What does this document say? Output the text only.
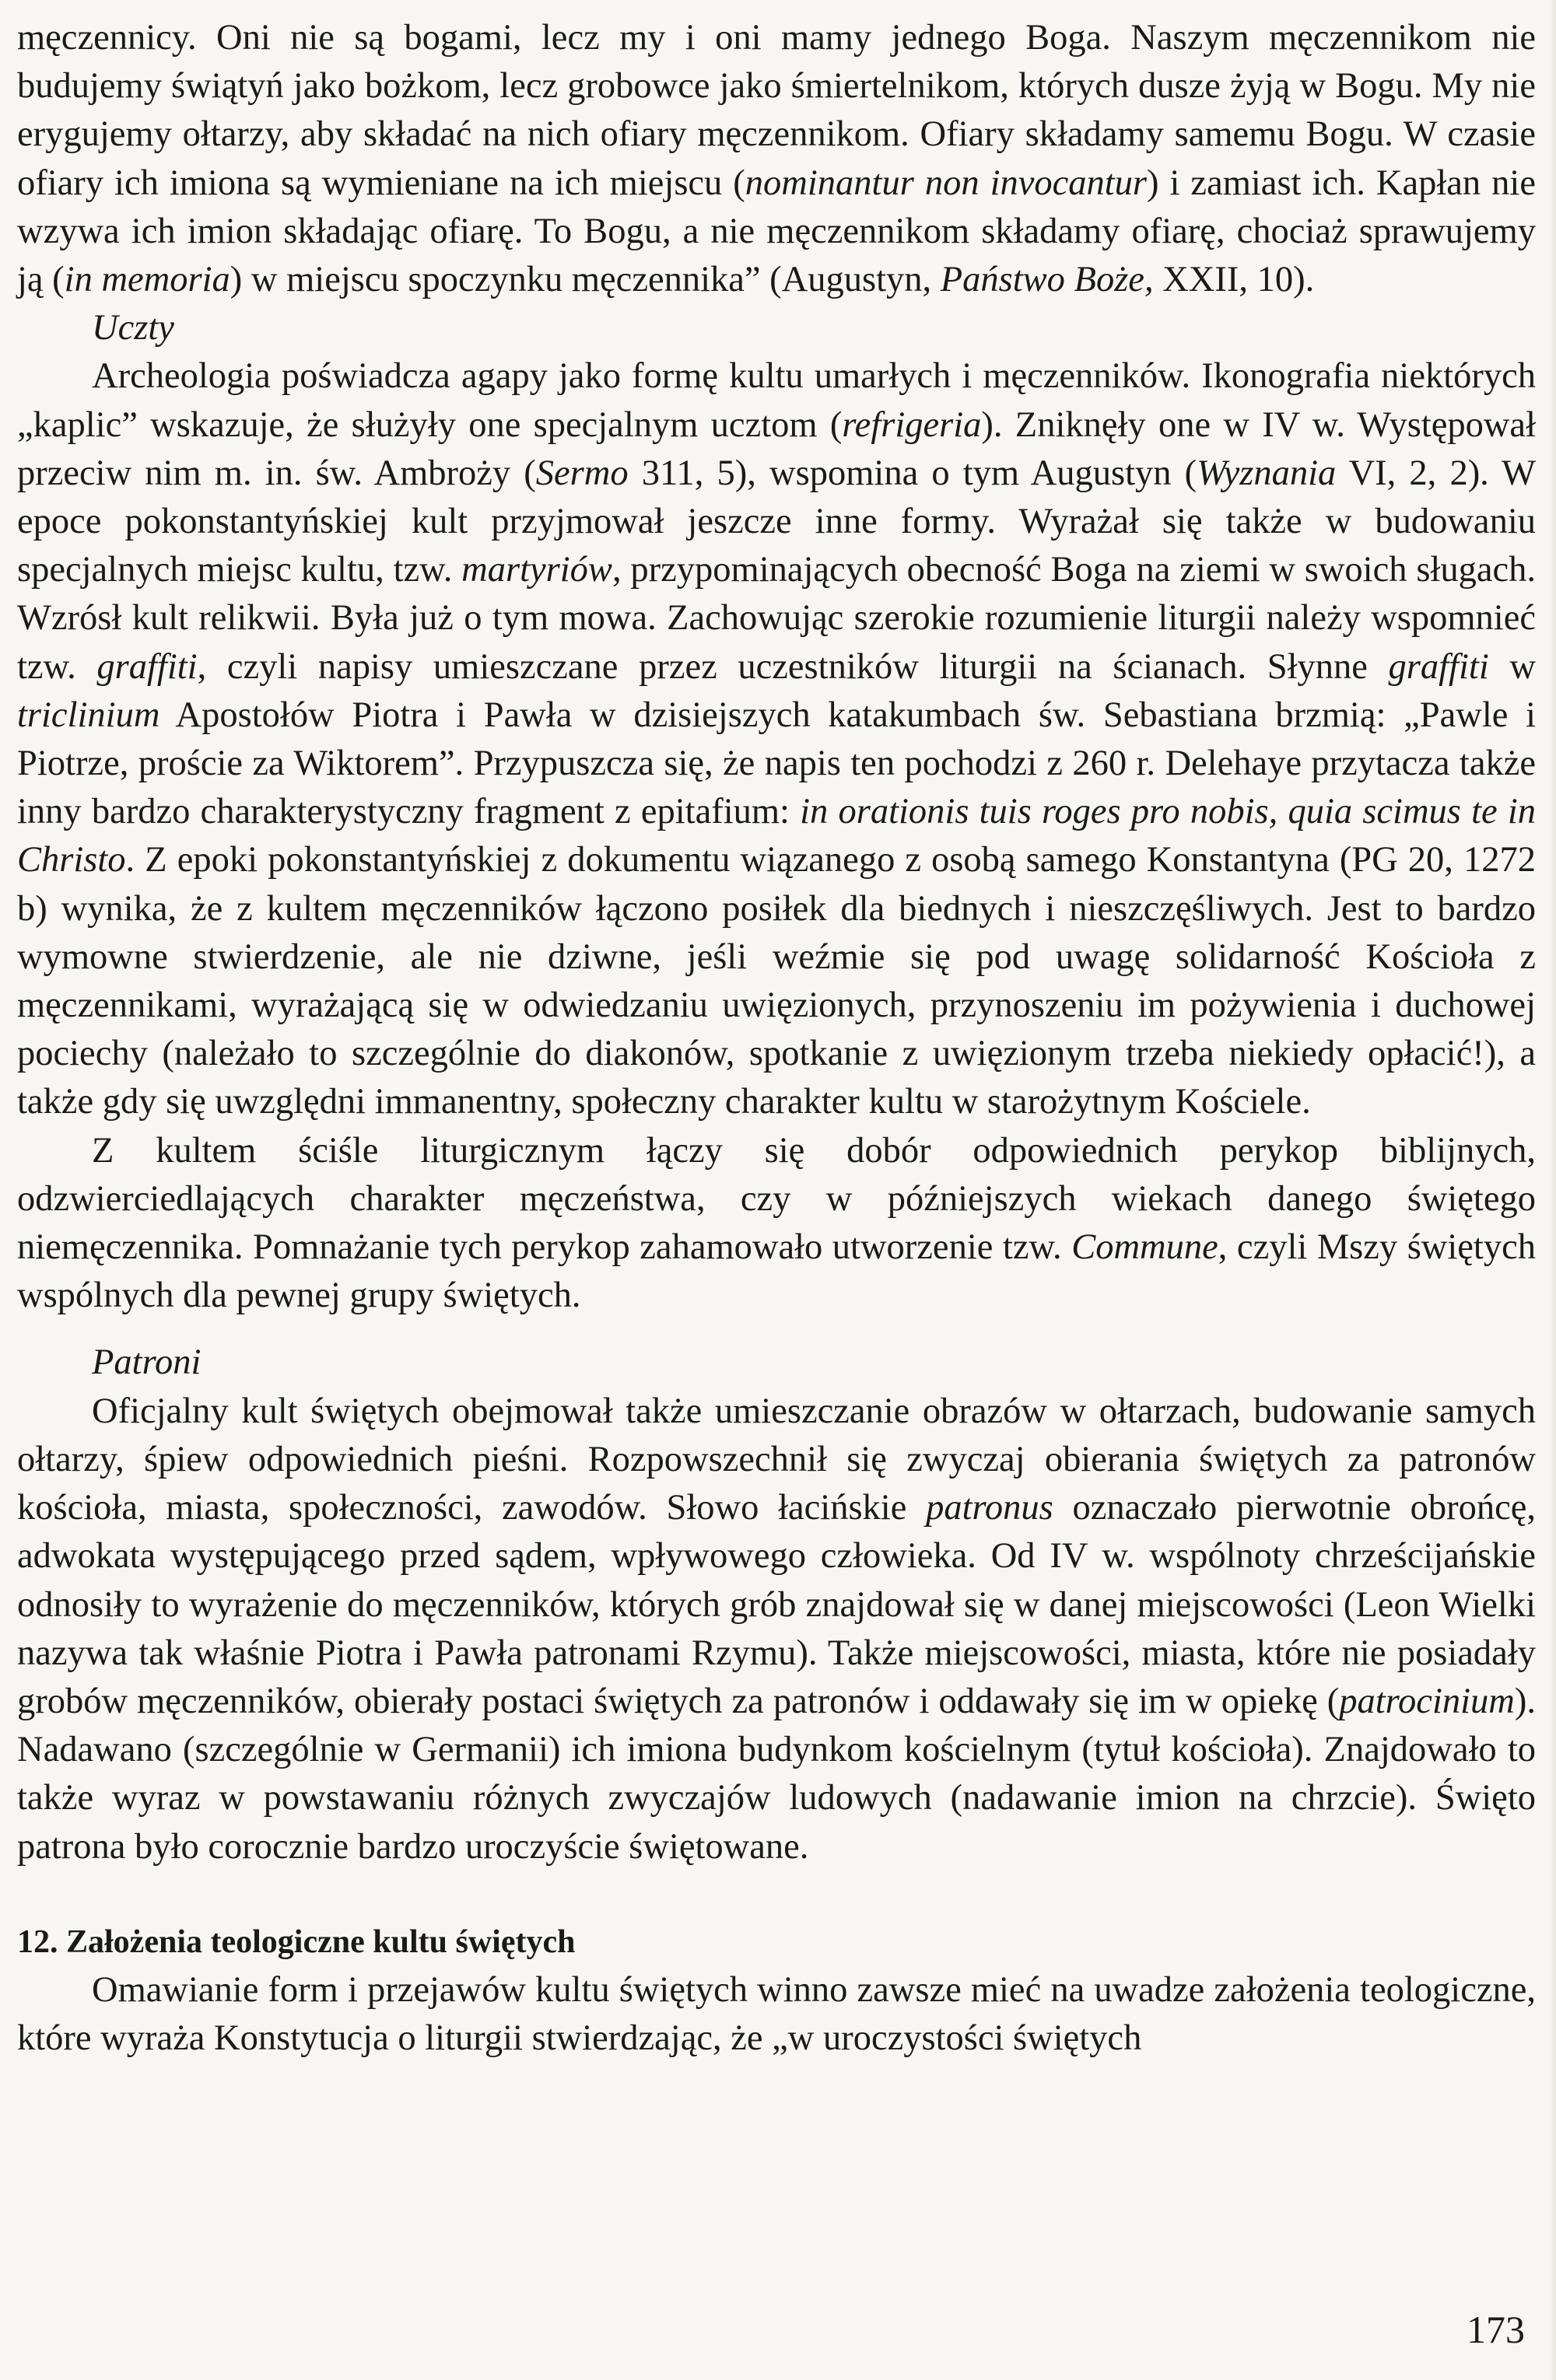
męczennicy. Oni nie są bogami, lecz my i oni mamy jednego Boga. Naszym męczennikom nie budujemy świątyń jako bożkom, lecz grobowce jako śmiertelnikom, których dusze żyją w Bogu. My nie erygujemy ołtarzy, aby składać na nich ofiary męczennikom. Ofiary składamy samemu Bogu. W czasie ofiary ich imiona są wymieniane na ich miejscu (nominantur non invocantur) i zamiast ich. Kapłan nie wzywa ich imion składając ofiarę. To Bogu, a nie męczennikom składamy ofiarę, chociaż sprawujemy ją (in memoria) w miejscu spoczynku męczennika” (Augustyn, Państwo Boże, XXII, 10).

Uczty

Archeologia poświadcza agapy jako formę kultu umarłych i męczenników. Ikonografia niektórych „kaplic” wskazuje, że służyły one specjalnym ucztom (refrigeria). Zniknęły one w IV w. Występował przeciw nim m. in. św. Ambroży (Sermo 311, 5), wspomina o tym Augustyn (Wyznania VI, 2, 2). W epoce pokonstantyńskiej kult przyjmował jeszcze inne formy. Wyrażał się także w budowaniu specjalnych miejsc kultu, tzw. martyriów, przypominających obecność Boga na ziemi w swoich sługach. Wzrósł kult relikwii. Była już o tym mowa. Zachowując szerokie rozumienie liturgii należy wspomnieć tzw. graffiti, czyli napisy umieszczane przez uczestników liturgii na ścianach. Słynne graffiti w triclinium Apostołów Piotra i Pawła w dzisiejszych katakumbach św. Sebastiana brzmią: „Pawle i Piotrze, proście za Wiktorem”. Przypuszcza się, że napis ten pochodzi z 260 r. Delehaye przytacza także inny bardzo charakterystyczny fragment z epitafium: in orationis tuis roges pro nobis, quia scimus te in Christo. Z epoki pokonstantyńskiej z dokumentu wiązanego z osobą samego Konstantyna (PG 20, 1272 b) wynika, że z kultem męczenników łączono posiłek dla biednych i nieszczęśliwych. Jest to bardzo wymowne stwierdzenie, ale nie dziwne, jeśli weźmie się pod uwagę solidarność Kościoła z męczennikami, wyrażającą się w odwiedzaniu uwięzionych, przynoszeniu im pożywienia i duchowej pociechy (należało to szczególnie do diakonów, spotkanie z uwięzionym trzeba niekiedy opłacić!), a także gdy się uwzględni immanentny, społeczny charakter kultu w starożytnym Kościele.

Z kultem ściśle liturgicznym łączy się dobór odpowiednich perykop biblijnych, odzwierciedlających charakter męczeństwa, czy w późniejszych wiekach danego świętego niemęczennika. Pomnażanie tych perykop zahamowało utworzenie tzw. Commune, czyli Mszy świętych wspólnych dla pewnej grupy świętych.

Patroni

Oficjalny kult świętych obejmował także umieszczanie obrazów w ołtarzach, budowanie samych ołtarzy, śpiew odpowiednich pieśni. Rozpowszechnił się zwyczaj obierania świętych za patronów kościoła, miasta, społeczności, zawodów. Słowo łacińskie patronus oznaczało pierwotnie obrońcę, adwokata występującego przed sądem, wpływowego człowieka. Od IV w. wspólnoty chrześcijańskie odnosiły to wyrażenie do męczenników, których grób znajdował się w danej miejscowości (Leon Wielki nazywa tak właśnie Piotra i Pawła patronami Rzymu). Także miejscowości, miasta, które nie posiadały grobów męczenników, obierały postaci świętych za patronów i oddawały się im w opiekę (patrocinium). Nadawano (szczególnie w Germanii) ich imiona budynkom kościelnym (tytuł kościoła). Znajdowało to także wyraz w powstawaniu różnych zwyczajów ludowych (nadawanie imion na chrzcie). Święto patrona było corocznie bardzo uroczyście świętowane.

12. Założenia teologiczne kultu świętych

Omawianie form i przejawów kultu świętych winno zawsze mieć na uwadze założenia teologiczne, które wyraża Konstytucja o liturgii stwierdzając, że „w uroczystości świętych

173
